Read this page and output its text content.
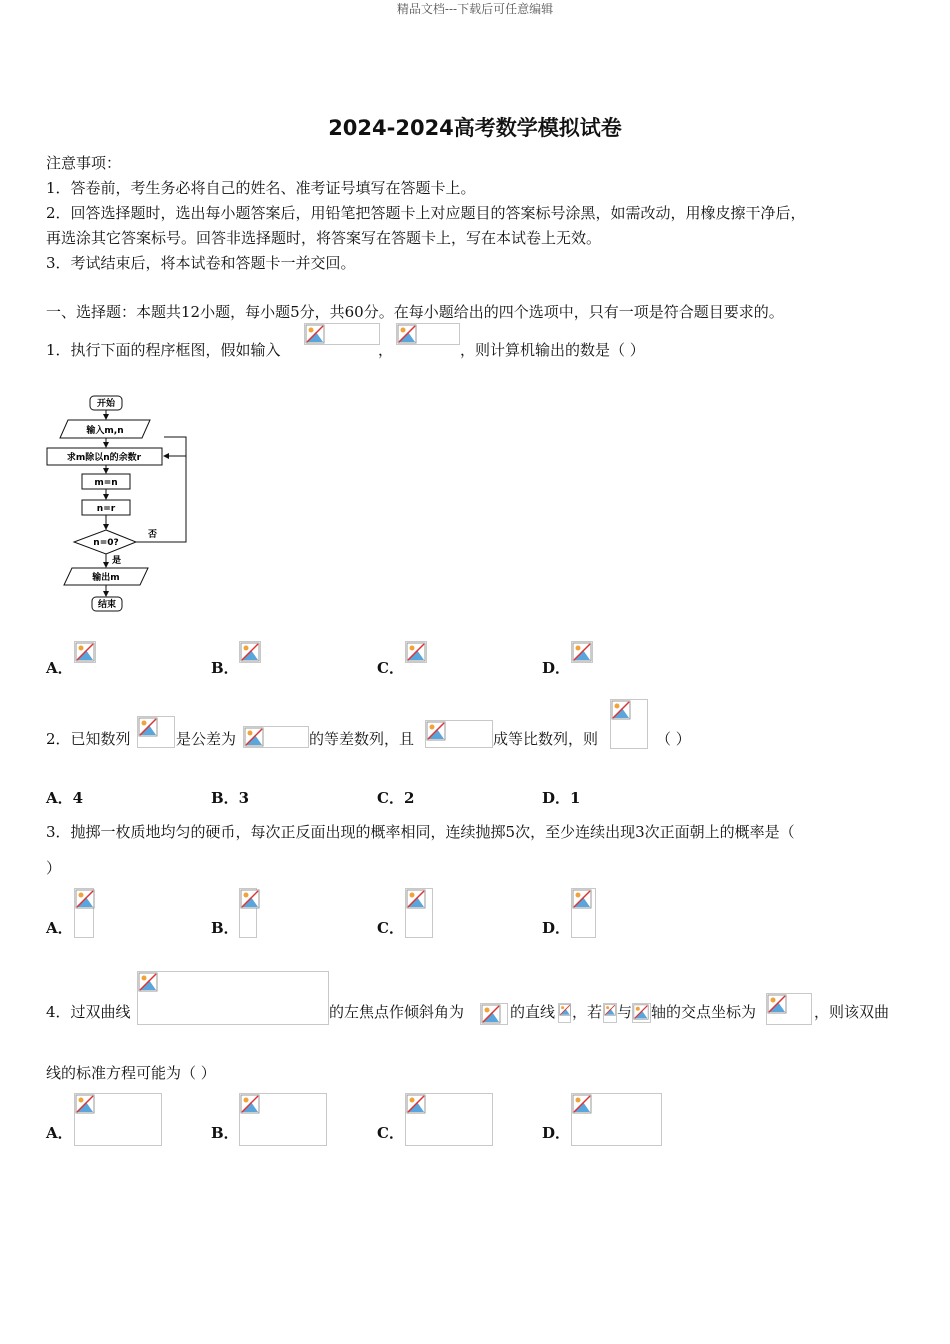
精品文档---下载后可任意编辑
2024-2024高考数学模拟试卷
注意事项：
1．答卷前，考生务必将自己的姓名、准考证号填写在答题卡上。
2．回答选择题时，选出每小题答案后，用铅笔把答题卡上对应题目的答案标号涂黑，如需改动，用橡皮擦干净后，
再选涂其它答案标号。回答非选择题时，将答案写在答题卡上，写在本试卷上无效。
3．考试结束后，将本试卷和答题卡一并交回。
一、选择题：本题共12小题，每小题5分，共60分。在每小题给出的四个选项中，只有一项是符合题目要求的。
1．执行下面的程序框图，假如输入	，	，则计算机输出的数是（ ）
开始
输入m,n
求m除以n的余数r
m=n
n=r
n=0?
否
是
输出m
结束
A．	B．	C．	D．
2．已知数列	是公差为	的等差数列，且	成等比数列，则	（ ）
A．4	B．3	C．2	D．1
3．抛掷一枚质地均匀的硬币，每次正反面出现的概率相同，连续抛掷5次，至少连续出现3次正面朝上的概率是（
）
A．	B．	C．	D．
4．过双曲线	的左焦点作倾斜角为	的直线 ，若 与 轴的交点坐标为	，则该双曲
线的标准方程可能为（ ）
A．	B．	C．	D．
